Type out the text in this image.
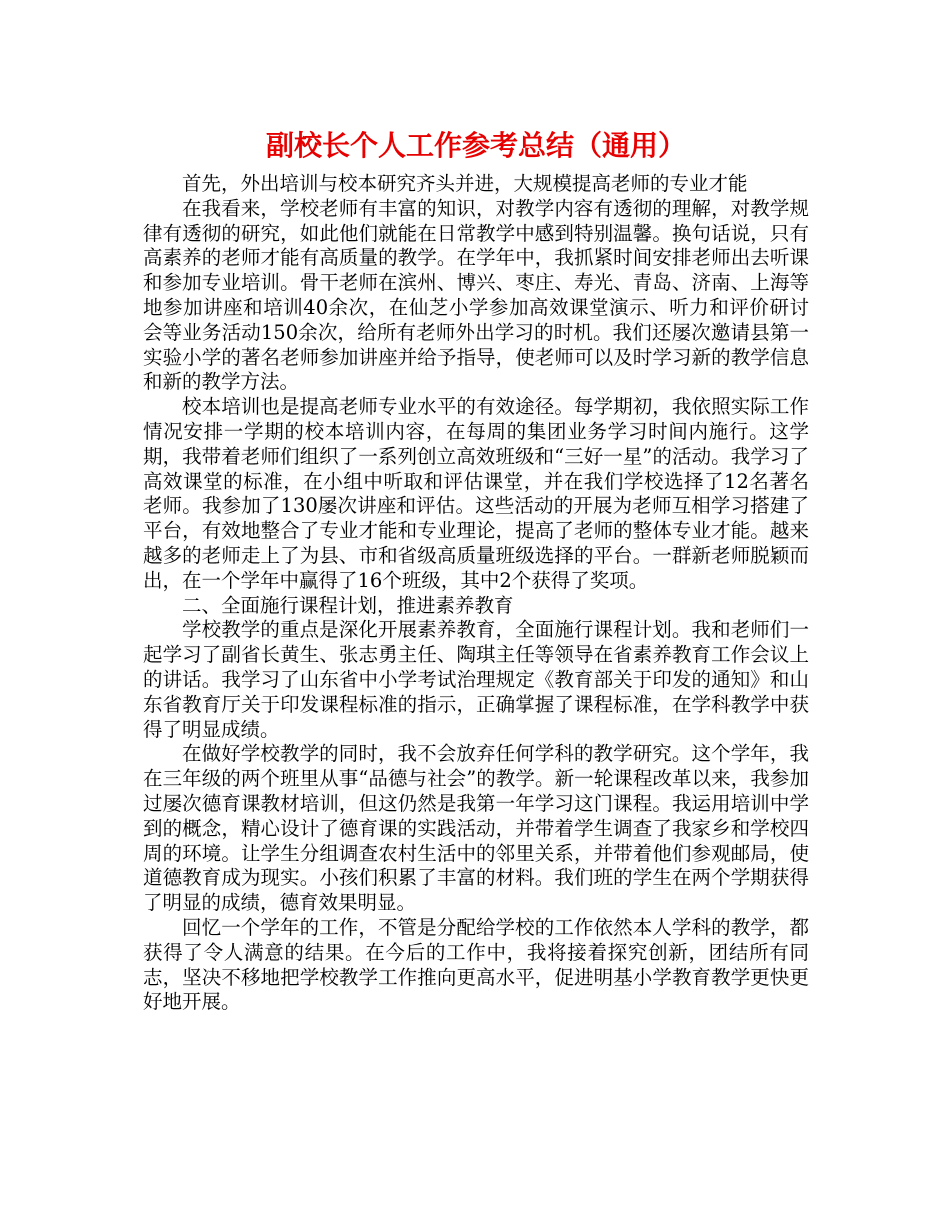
副校长个人工作参考总结（通用）

首先，外出培训与校本研究齐头并进，大规模提高老师的专业才能

在我看来，学校老师有丰富的知识，对教学内容有透彻的理解，对教学规律有透彻的研究，如此他们就能在日常教学中感到特别温馨。换句话说，只有高素养的老师才能有高质量的教学。在学年中，我抓紧时间安排老师出去听课和参加专业培训。骨干老师在滨州、博兴、枣庄、寿光、青岛、济南、上海等地参加讲座和培训40余次，在仙芝小学参加高效课堂演示、听力和评价研讨会等业务活动150余次，给所有老师外出学习的时机。我们还屡次邀请县第一实验小学的著名老师参加讲座并给予指导，使老师可以及时学习新的教学信息和新的教学方法。

校本培训也是提高老师专业水平的有效途径。每学期初，我依照实际工作情况安排一学期的校本培训内容，在每周的集团业务学习时间内施行。这学期，我带着老师们组织了一系列创立高效班级和“三好一星”的活动。我学习了高效课堂的标准，在小组中听取和评估课堂，并在我们学校选择了12名著名老师。我参加了130屡次讲座和评估。这些活动的开展为老师互相学习搭建了平台，有效地整合了专业才能和专业理论，提高了老师的整体专业才能。越来越多的老师走上了为县、市和省级高质量班级选择的平台。一群新老师脱颖而出，在一个学年中赢得了16个班级，其中2个获得了奖项。

二、全面施行课程计划，推进素养教育

学校教学的重点是深化开展素养教育，全面施行课程计划。我和老师们一起学习了副省长黄生、张志勇主任、陶琪主任等领导在省素养教育工作会议上的讲话。我学习了山东省中小学考试治理规定《教育部关于印发的通知》和山东省教育厅关于印发课程标准的指示，正确掌握了课程标准，在学科教学中获得了明显成绩。

在做好学校教学的同时，我不会放弃任何学科的教学研究。这个学年，我在三年级的两个班里从事“品德与社会”的教学。新一轮课程改革以来，我参加过屡次德育课教材培训，但这仍然是我第一年学习这门课程。我运用培训中学到的概念，精心设计了德育课的实践活动，并带着学生调查了我家乡和学校四周的环境。让学生分组调查农村生活中的邻里关系，并带着他们参观邮局，使道德教育成为现实。小孩们积累了丰富的材料。我们班的学生在两个学期获得了明显的成绩，德育效果明显。

回忆一个学年的工作，不管是分配给学校的工作依然本人学科的教学，都获得了令人满意的结果。在今后的工作中，我将接着探究创新，团结所有同志，坚决不移地把学校教学工作推向更高水平，促进明基小学教育教学更快更好地开展。
